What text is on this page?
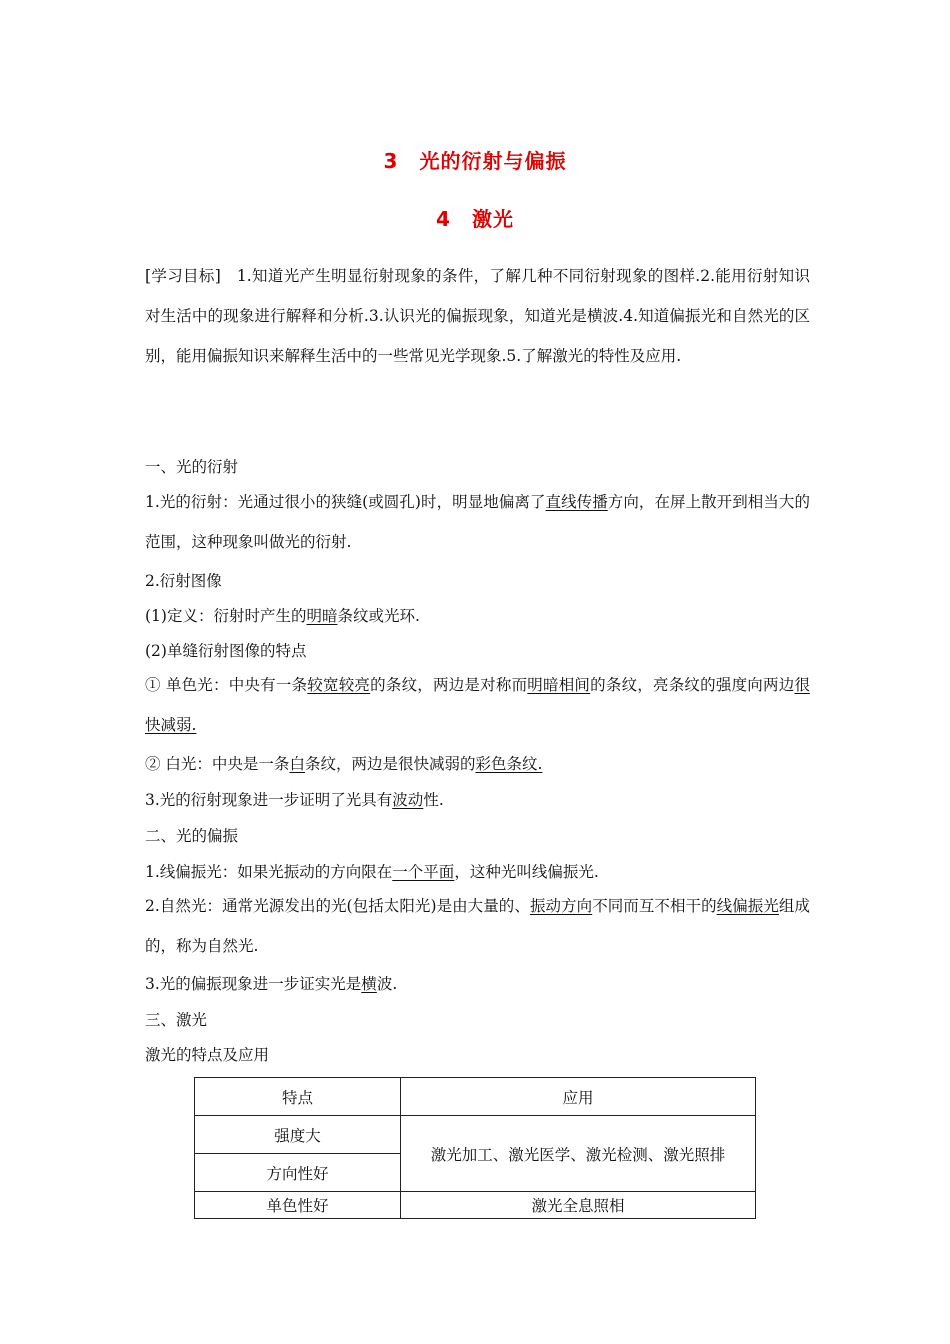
3　光的衍射与偏振
4　激光
[学习目标]　1.知道光产生明显衍射现象的条件，了解几种不同衍射现象的图样.2.能用衍射知识对生活中的现象进行解释和分析.3.认识光的偏振现象，知道光是横波.4.知道偏振光和自然光的区别，能用偏振知识来解释生活中的一些常见光学现象.5.了解激光的特性及应用.
一、光的衍射
1.光的衍射：光通过很小的狭缝(或圆孔)时，明显地偏离了直线传播方向，在屏上散开到相当大的范围，这种现象叫做光的衍射.
2.衍射图像
(1)定义：衍射时产生的明暗条纹或光环.
(2)单缝衍射图像的特点
① 单色光：中央有一条较宽较亮的条纹，两边是对称而明暗相间的条纹，亮条纹的强度向两边很快减弱.
② 白光：中央是一条白条纹，两边是很快减弱的彩色条纹.
3.光的衍射现象进一步证明了光具有波动性.
二、光的偏振
1.线偏振光：如果光振动的方向限在一个平面，这种光叫线偏振光.
2.自然光：通常光源发出的光(包括太阳光)是由大量的、振动方向不同而互不相干的线偏振光组成的，称为自然光.
3.光的偏振现象进一步证实光是横波.
三、激光
激光的特点及应用
特点	应用
强度大	激光加工、激光医学、激光检测、激光照排
方向性好	
单色性好	激光全息照相
